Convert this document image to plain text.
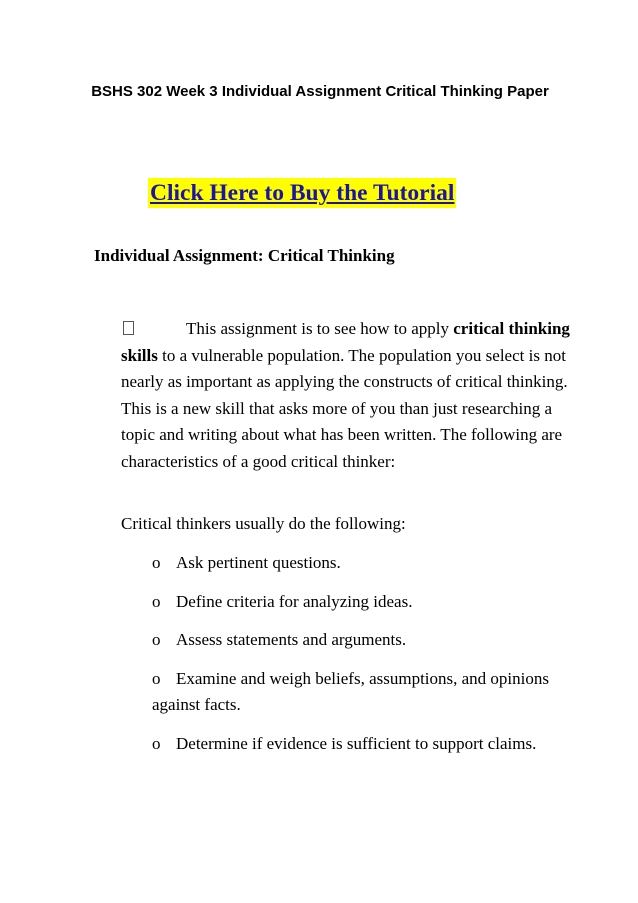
BSHS 302 Week 3 Individual Assignment Critical Thinking Paper
Click Here to Buy the Tutorial
Individual Assignment: Critical Thinking
This assignment is to see how to apply critical thinking skills to a vulnerable population. The population you select is not nearly as important as applying the constructs of critical thinking. This is a new skill that asks more of you than just researching a topic and writing about what has been written. The following are characteristics of a good critical thinker:
Critical thinkers usually do the following:
o Ask pertinent questions.
o Define criteria for analyzing ideas.
o Assess statements and arguments.
o Examine and weigh beliefs, assumptions, and opinions against facts.
o Determine if evidence is sufficient to support claims.
